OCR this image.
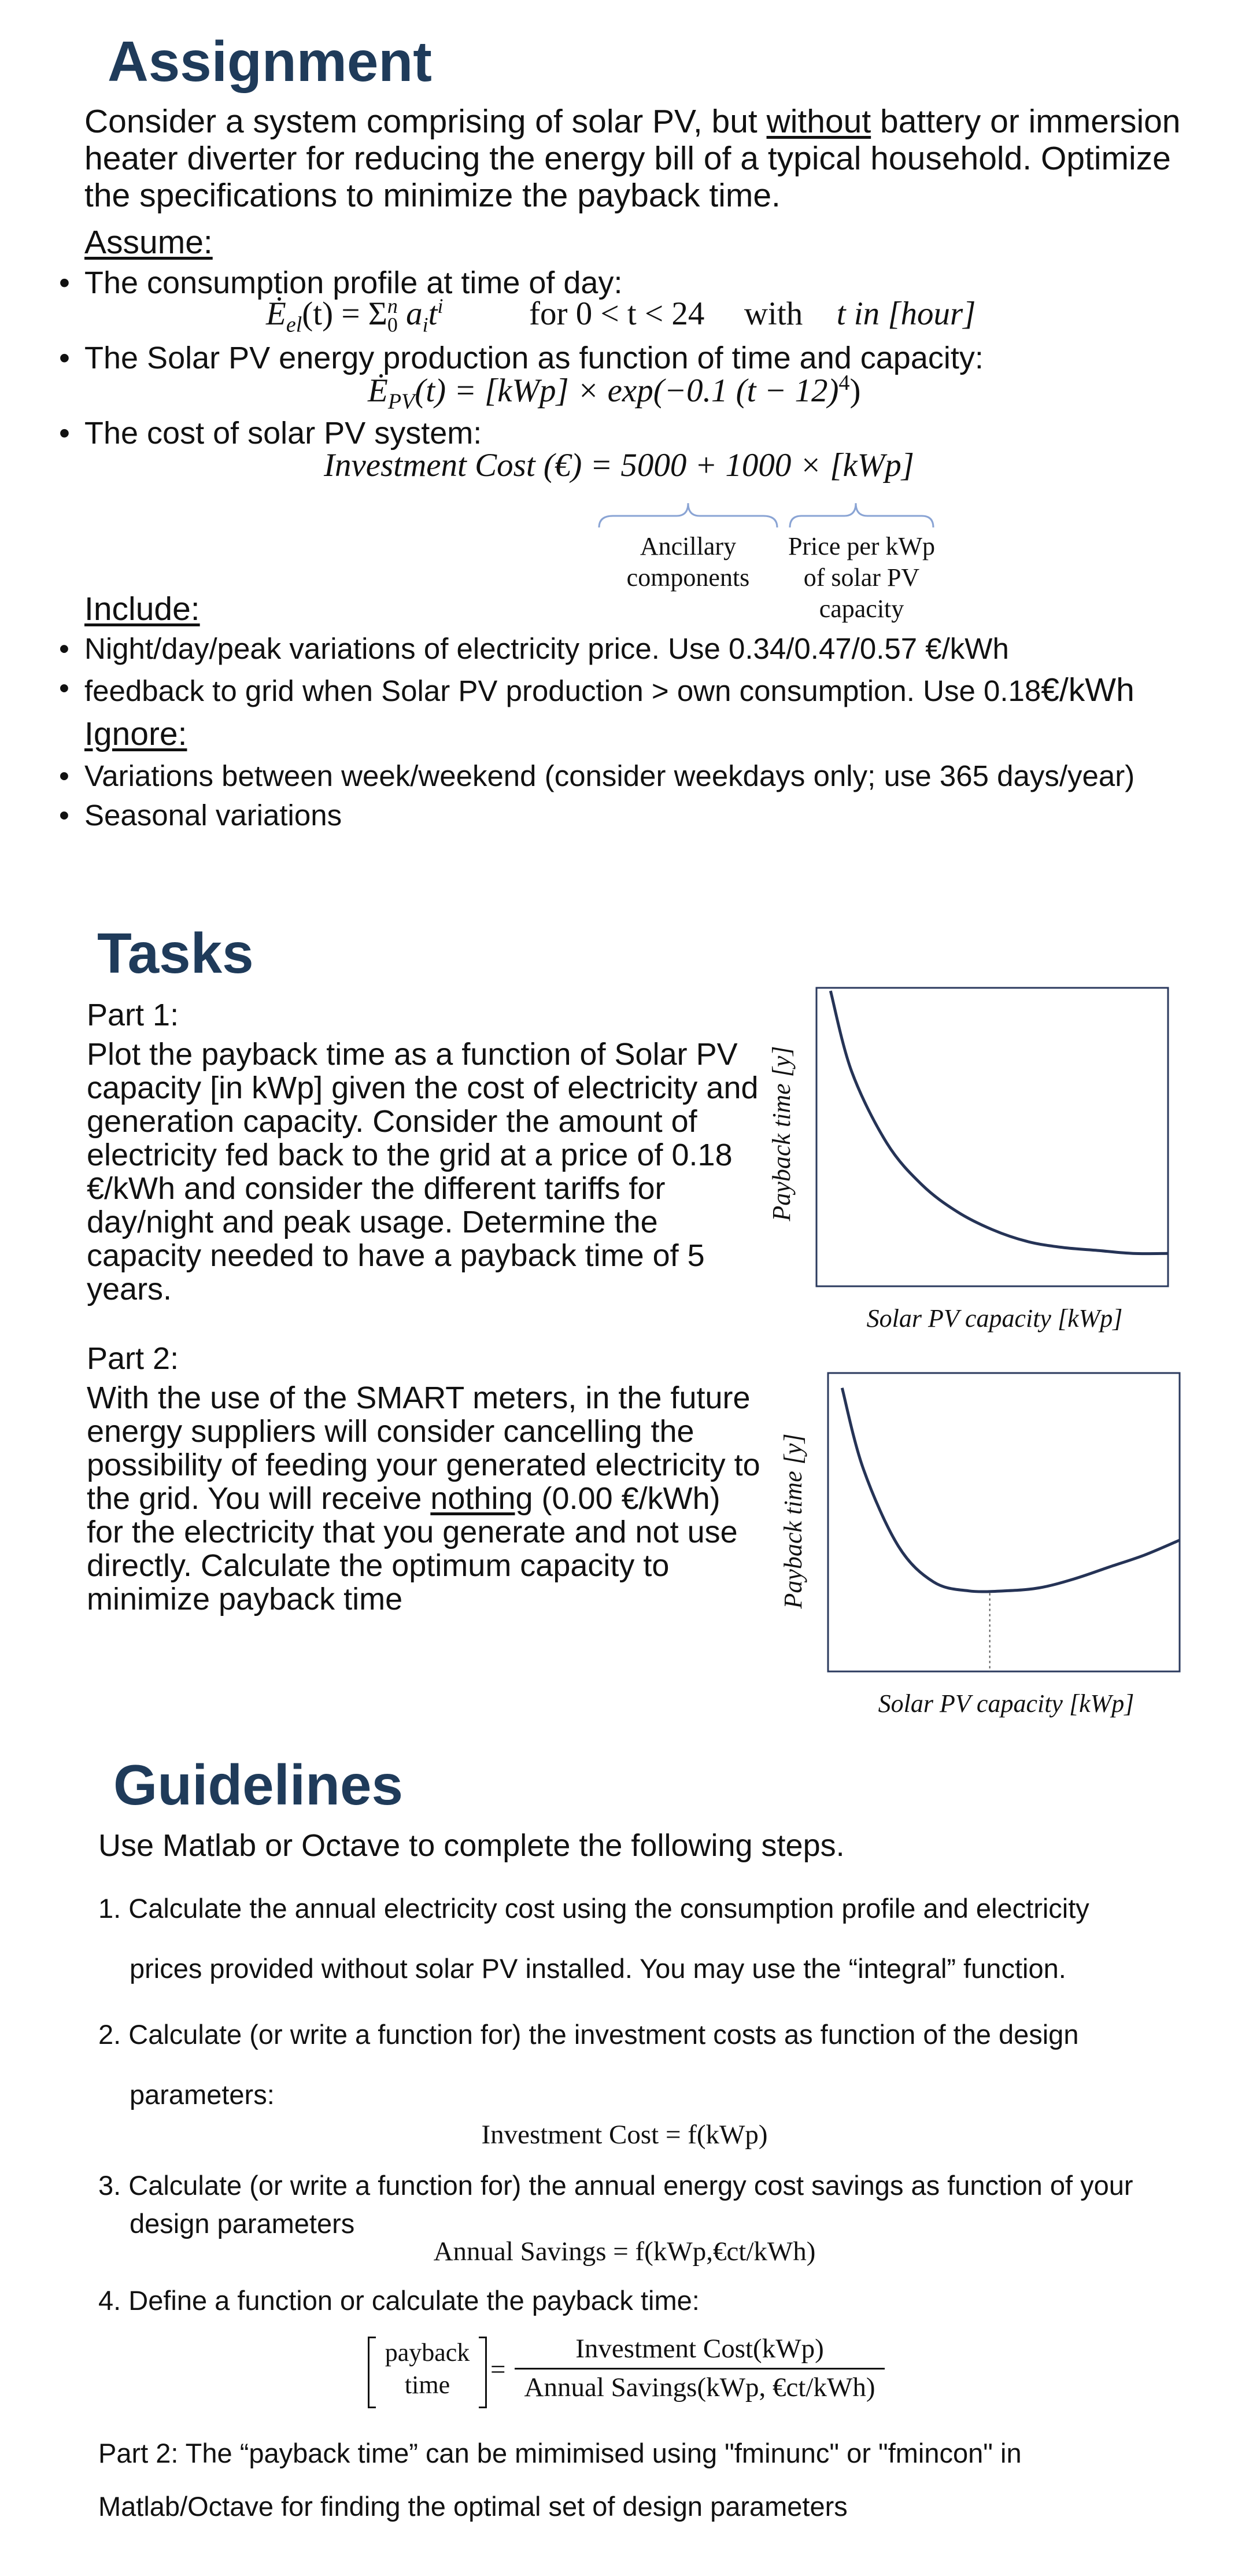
Assignment
Consider a system comprising of solar PV, but without battery or immersion heater diverter for reducing the energy bill of a typical household. Optimize the specifications to minimize the payback time.
Assume:
• The consumption profile at time of day:
$Ė_{el}(t) = \Sigma_0^n$ $a_it^i$	for 0 < t < 24 with t in [hour]
• The Solar PV energy production as function of time and capacity:
$Ė_{PV}(t) = [kWp] \times \exp(-0.1$ $(t - 12)^4$)
• The cost of solar PV system:
Investment Cost (€) = 5000 + 1000 × [kWp]
Ancillary components
Price per kWp of solar PV capacity
Include:
• Night/day/peak variations of electricity price. Use 0.34/0.47/0.57 €/kWh
• feedback to grid when Solar PV production > own consumption. Use 0.18€/kWh
Ignore:
• Variations between week/weekend (consider weekdays only; use 365 days/year)
• Seasonal variations
Tasks
Part 1:
Plot the payback time as a function of Solar PV
capacity [in kWp] given the cost of electricity and
generation capacity. Consider the amount of
electricity fed back to the grid at a price of 0.18
€/kWh and consider the different tariffs for
day/night and peak usage. Determine the
capacity needed to have a payback time of 5
years.
Payback time [y]
Solar PV capacity [kWp]
Part 2:
With the use of the SMART meters, in the future
energy suppliers will consider cancelling the
possibility of feeding your generated electricity to
the grid. You will receive nothing (0.00 €/kWh)
for the electricity that you generate and not use
directly. Calculate the optimum capacity to
minimize payback time	Payback time [y]
Solar PV capacity [kWp]
Guidelines
Use Matlab or Octave to complete the following steps.
1. Calculate the annual electricity cost using the consumption profile and electricity
prices provided without solar PV installed. You may use the “integral” function.
2. Calculate (or write a function for) the investment costs as function of the design
parameters:
Investment Cost = f(kWp)
3. Calculate (or write a function for) the annual energy cost savings as function of your
design parameters
Annual Savings = f(kWp,€ct/kWh)
4. Define a function or calculate the payback time:
payback
time
=
Investment Cost(kWp)
Annual Savings(kWp, €ct/kWh)
Part 2: The “payback time” can be mimimised using "fminunc" or "fmincon" in
Matlab/Octave for finding the optimal set of design parameters
